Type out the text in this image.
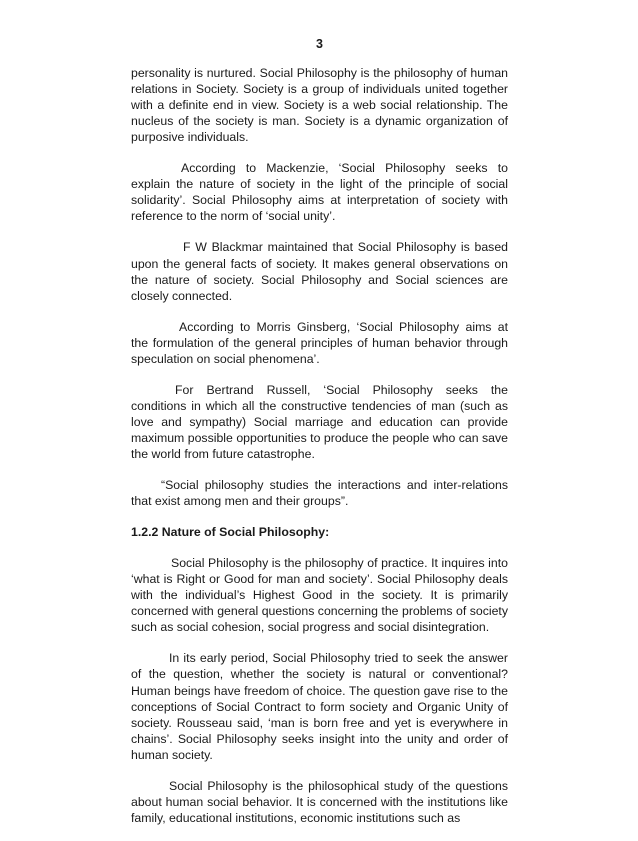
3

personality is nurtured. Social Philosophy is the philosophy of human relations in Society. Society is a group of individuals united together with a definite end in view. Society is a web social relationship. The nucleus of the society is man. Society is a dynamic organization of purposive individuals.

According to Mackenzie, ‘Social Philosophy seeks to explain the nature of society in the light of the principle of social solidarity’. Social Philosophy aims at interpretation of society with reference to the norm of ‘social unity’.

F W Blackmar maintained that Social Philosophy is based upon the general facts of society. It makes general observations on the nature of society. Social Philosophy and Social sciences are closely connected.

According to Morris Ginsberg, ‘Social Philosophy aims at the formulation of the general principles of human behavior through speculation on social phenomena’.

For Bertrand Russell, ‘Social Philosophy seeks the conditions in which all the constructive tendencies of man (such as love and sympathy) Social marriage and education can provide maximum possible opportunities to produce the people who can save the world from future catastrophe.

“Social philosophy studies the interactions and inter-relations that exist among men and their groups”.

1.2.2 Nature of Social Philosophy:

Social Philosophy is the philosophy of practice. It inquires into ‘what is Right or Good for man and society’. Social Philosophy deals with the individual’s Highest Good in the society. It is primarily concerned with general questions concerning the problems of society such as social cohesion, social progress and social disintegration.

In its early period, Social Philosophy tried to seek the answer of the question, whether the society is natural or conventional? Human beings have freedom of choice. The question gave rise to the conceptions of Social Contract to form society and Organic Unity of society. Rousseau said, ‘man is born free and yet is everywhere in chains’. Social Philosophy seeks insight into the unity and order of human society.

Social Philosophy is the philosophical study of the questions about human social behavior. It is concerned with the institutions like family, educational institutions, economic institutions such as
